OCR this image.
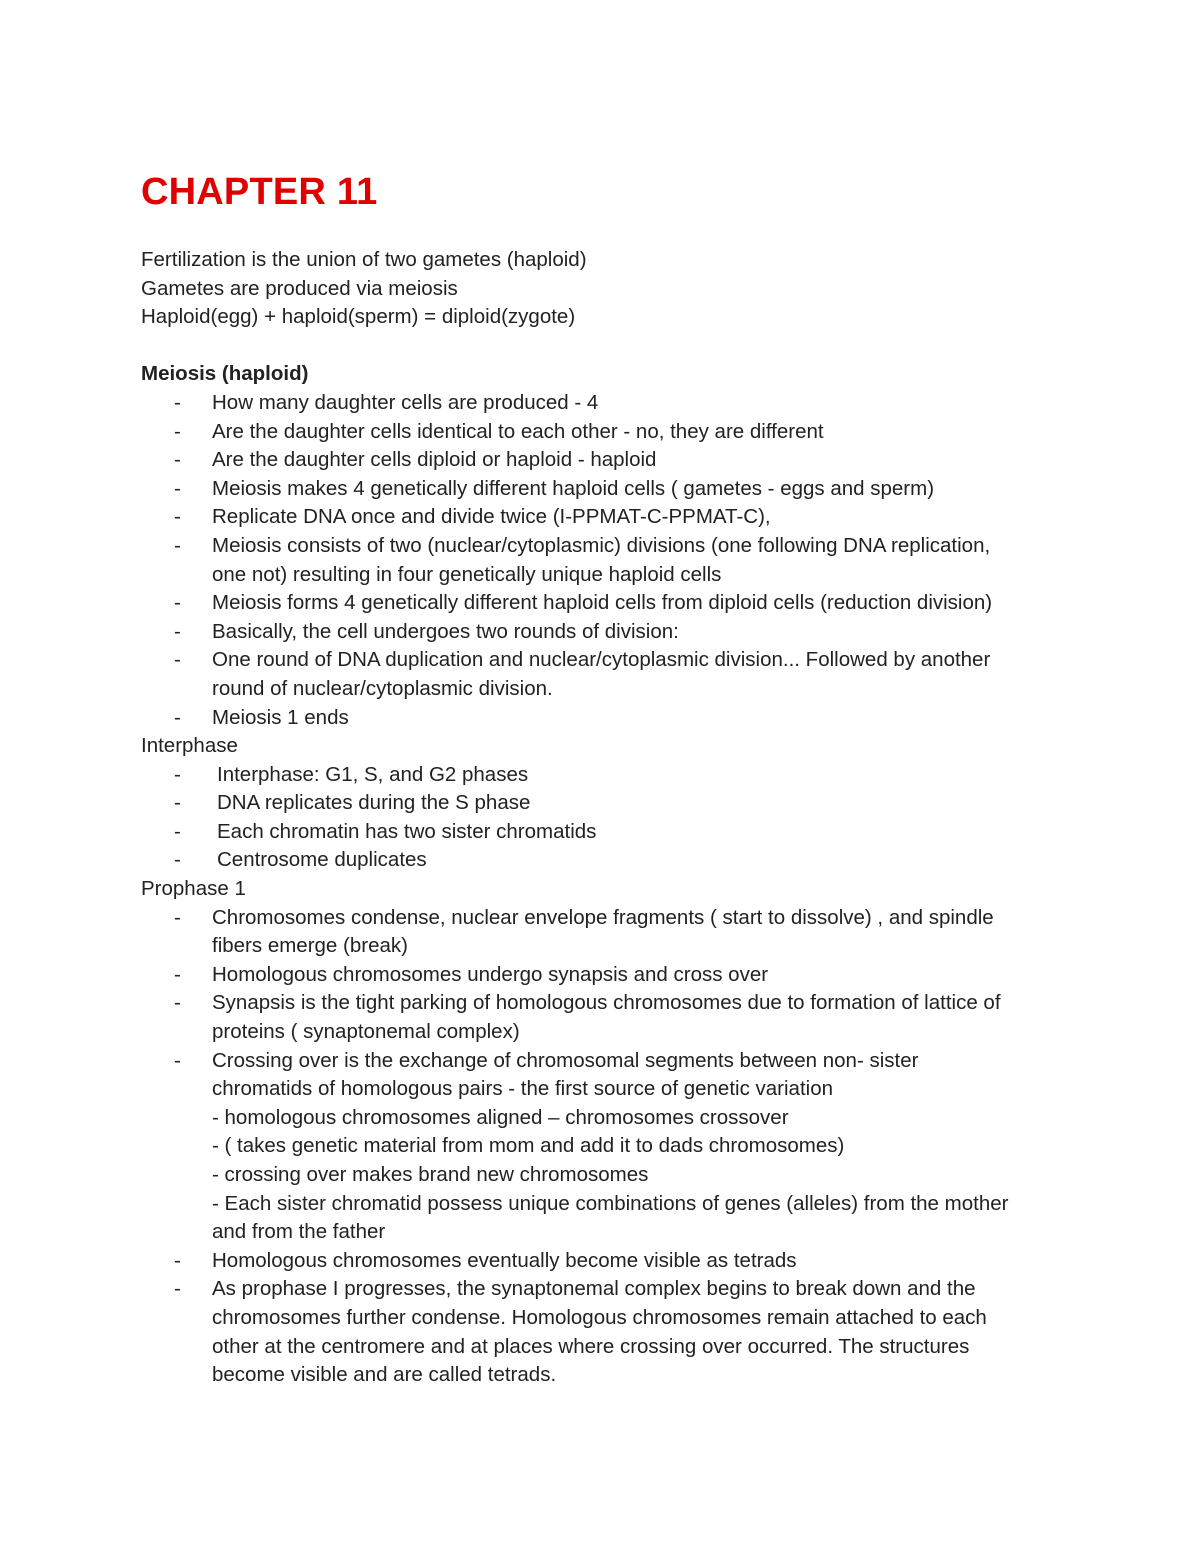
CHAPTER 11

Fertilization is the union of two gametes (haploid)

Gametes are produced via meiosis

Haploid(egg) + haploid(sperm) = diploid(zygote)

Meiosis (haploid)

- How many daughter cells are produced - 4
- Are the daughter cells identical to each other - no, they are different
- Are the daughter cells diploid or haploid - haploid
- Meiosis makes 4 genetically different haploid cells ( gametes - eggs and sperm)
- Replicate DNA once and divide twice (I-PPMAT-C-PPMAT-C),
- Meiosis consists of two (nuclear/cytoplasmic) divisions (one following DNA replication,
one not) resulting in four genetically unique haploid cells
- Meiosis forms 4 genetically different haploid cells from diploid cells (reduction division)
- Basically, the cell undergoes two rounds of division:
- One round of DNA duplication and nuclear/cytoplasmic division... Followed by another
round of nuclear/cytoplasmic division.
- Meiosis 1 ends

Interphase

- Interphase: G1, S, and G2 phases
- DNA replicates during the S phase
- Each chromatin has two sister chromatids
- Centrosome duplicates

Prophase 1

- Chromosomes condense, nuclear envelope fragments ( start to dissolve) , and spindle
fibers emerge (break)
- Homologous chromosomes undergo synapsis and cross over
- Synapsis is the tight parking of homologous chromosomes due to formation of lattice of
proteins ( synaptonemal complex)
- Crossing over is the exchange of chromosomal segments between non- sister
chromatids of homologous pairs - the first source of genetic variation
- homologous chromosomes aligned – chromosomes crossover
- ( takes genetic material from mom and add it to dads chromosomes)
- crossing over makes brand new chromosomes
- Each sister chromatid possess unique combinations of genes (alleles) from the mother
and from the father
- Homologous chromosomes eventually become visible as tetrads
- As prophase I progresses, the synaptonemal complex begins to break down and the
chromosomes further condense. Homologous chromosomes remain attached to each
other at the centromere and at places where crossing over occurred. The structures
become visible and are called tetrads.
